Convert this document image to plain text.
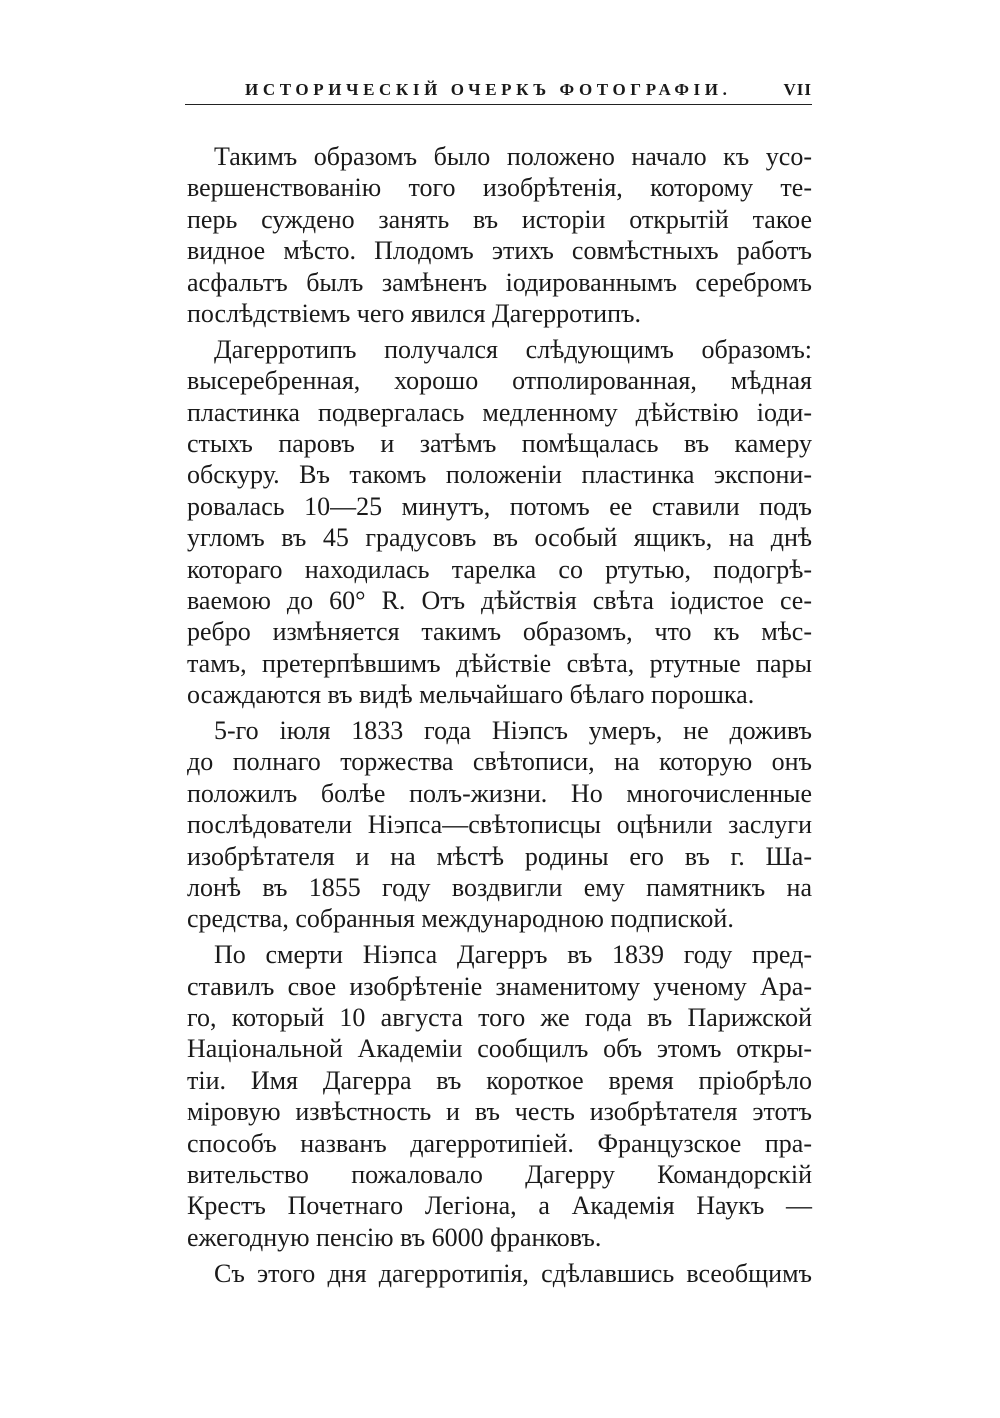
ИСТОРИЧЕСКІЙ ОЧЕРКЪ ФОТОГРАФІИ.	VII
Такимъ образомъ было положено начало къ усо-
вершенствованію того изобрѣтенія, которому те-
перь суждено занять въ исторіи открытій такое
видное мѣсто. Плодомъ этихъ совмѣстныхъ работъ
асфальтъ былъ замѣненъ іодированнымъ серебромъ
послѣдствіемъ чего явился Дагерротипъ.
Дагерротипъ получался слѣдующимъ образомъ:
высеребренная, хорошо отполированная, мѣдная
пластинка подвергалась медленному дѣйствію іоди-
стыхъ паровъ и затѣмъ помѣщалась въ камеру
обскуру. Въ такомъ положеніи пластинка экспони-
ровалась 10—25 минутъ, потомъ ее ставили подъ
угломъ въ 45 градусовъ въ особый ящикъ, на днѣ
котораго находилась тарелка со ртутью, подогрѣ-
ваемою до 60° R. Отъ дѣйствія свѣта іодистое се-
ребро измѣняется такимъ образомъ, что къ мѣс-
тамъ, претерпѣвшимъ дѣйствіе свѣта, ртутные пары
осаждаются въ видѣ мельчайшаго бѣлаго порошка.
5-го іюля 1833 года Ніэпсъ умеръ, не доживъ
до полнаго торжества свѣтописи, на которую онъ
положилъ болѣе полъ-жизни. Но многочисленные
послѣдователи Ніэпса—свѣтописцы оцѣнили заслуги
изобрѣтателя и на мѣстѣ родины его въ г. Ша-
лонѣ въ 1855 году воздвигли ему памятникъ на
средства, собранныя международною подпиской.
По смерти Ніэпса Дагерръ въ 1839 году пред-
ставилъ свое изобрѣтеніе знаменитому ученому Ара-
го, который 10 августа того же года въ Парижской
Національной Академіи сообщилъ объ этомъ откры-
тіи. Имя Дагерра въ короткое время пріобрѣло
міровую извѣстность и въ честь изобрѣтателя этотъ
способъ названъ дагерротипіей. Французское пра-
вительство пожаловало Дагерру Командорскій
Крестъ Почетнаго Легіона, а Академія Наукъ —
ежегодную пенсію въ 6000 франковъ.
Съ этого дня дагерротипія, сдѣлавшись всеобщимъ
